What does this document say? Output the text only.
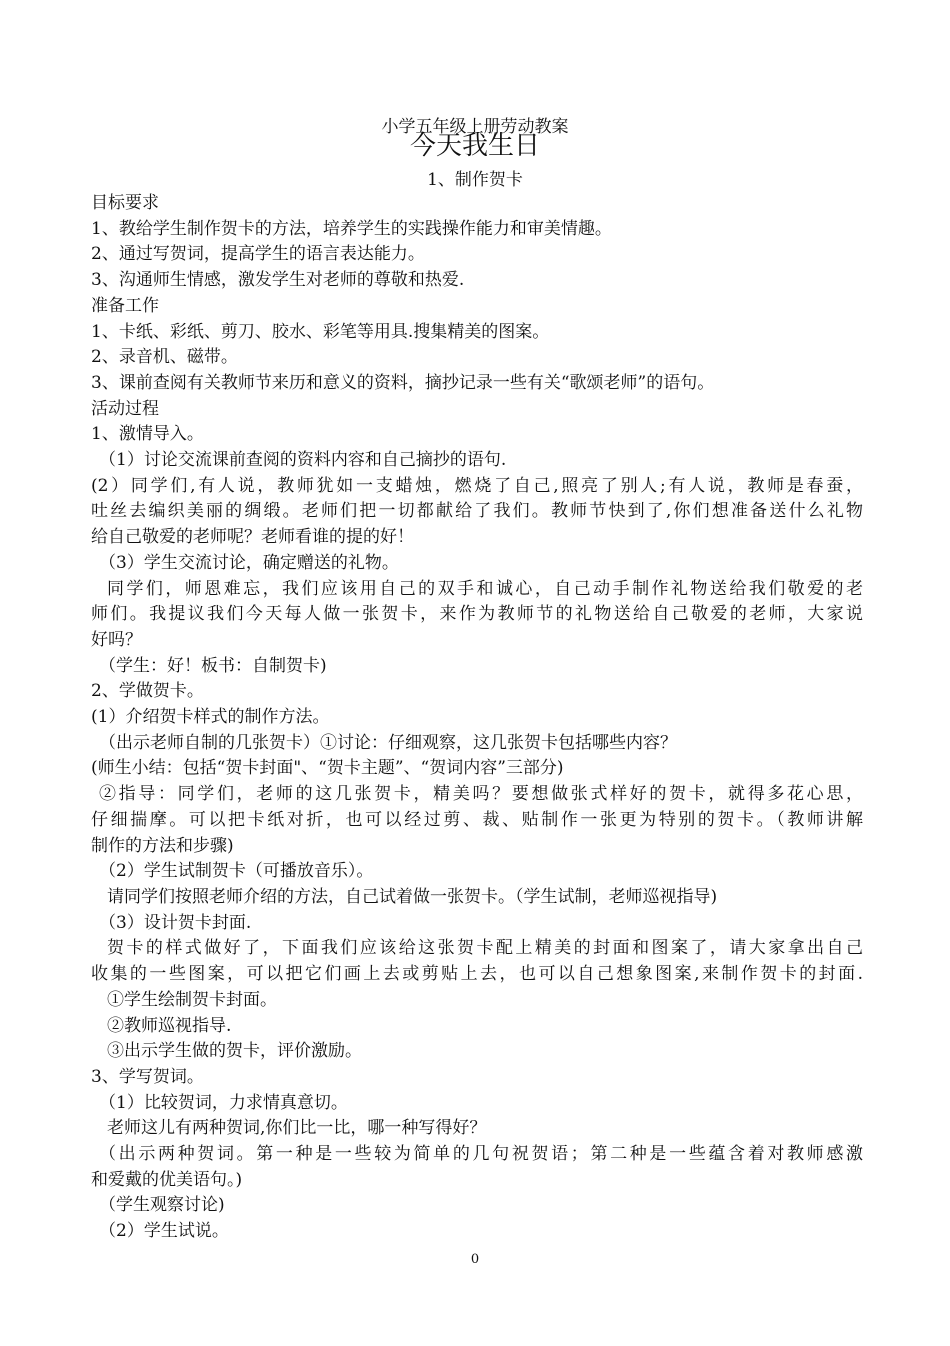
小学五年级上册劳动教案
今天我生日
1、制作贺卡
目标要求
1、教给学生制作贺卡的方法，培养学生的实践操作能力和审美情趣。
2、通过写贺词，提高学生的语言表达能力。
3、沟通师生情感，激发学生对老师的尊敬和热爱.
准备工作
1、卡纸、彩纸、剪刀、胶水、彩笔等用具.搜集精美的图案。
2、录音机、磁带。
3、课前查阅有关教师节来历和意义的资料，摘抄记录一些有关“歌颂老师”的语句。
活动过程
1、激情导入。
（1）讨论交流课前查阅的资料内容和自己摘抄的语句.
(2）同学们,有人说，教师犹如一支蜡烛，燃烧了自己,照亮了别人;有人说，教师是春蚕，
吐丝去编织美丽的绸缎。老师们把一切都献给了我们。教师节快到了,你们想准备送什么礼物
给自己敬爱的老师呢？老师看谁的提的好！
（3）学生交流讨论，确定赠送的礼物。
同学们，师恩难忘，我们应该用自己的双手和诚心，自己动手制作礼物送给我们敬爱的老
师们。我提议我们今天每人做一张贺卡，来作为教师节的礼物送给自己敬爱的老师，大家说
好吗？
（学生：好！板书：自制贺卡)
2、学做贺卡。
(1）介绍贺卡样式的制作方法。
（出示老师自制的几张贺卡）①讨论：仔细观察，这几张贺卡包括哪些内容？
(师生小结：包括“贺卡封面"、“贺卡主题”、“贺词内容”三部分)
②指导：同学们，老师的这几张贺卡，精美吗？要想做张式样好的贺卡，就得多花心思，
仔细揣摩。可以把卡纸对折，也可以经过剪、裁、贴制作一张更为特别的贺卡。（教师讲解
制作的方法和步骤)
（2）学生试制贺卡（可播放音乐）。
请同学们按照老师介绍的方法，自己试着做一张贺卡。（学生试制，老师巡视指导)
（3）设计贺卡封面.
贺卡的样式做好了，下面我们应该给这张贺卡配上精美的封面和图案了，请大家拿出自己
收集的一些图案，可以把它们画上去或剪贴上去，也可以自己想象图案,来制作贺卡的封面.
①学生绘制贺卡封面。
②教师巡视指导.
③出示学生做的贺卡，评价激励。
3、学写贺词。
（1）比较贺词，力求情真意切。
老师这儿有两种贺词,你们比一比，哪一种写得好？
（出示两种贺词。第一种是一些较为简单的几句祝贺语；第二种是一些蕴含着对教师感激
和爱戴的优美语句。)
（学生观察讨论)
（2）学生试说。
0
